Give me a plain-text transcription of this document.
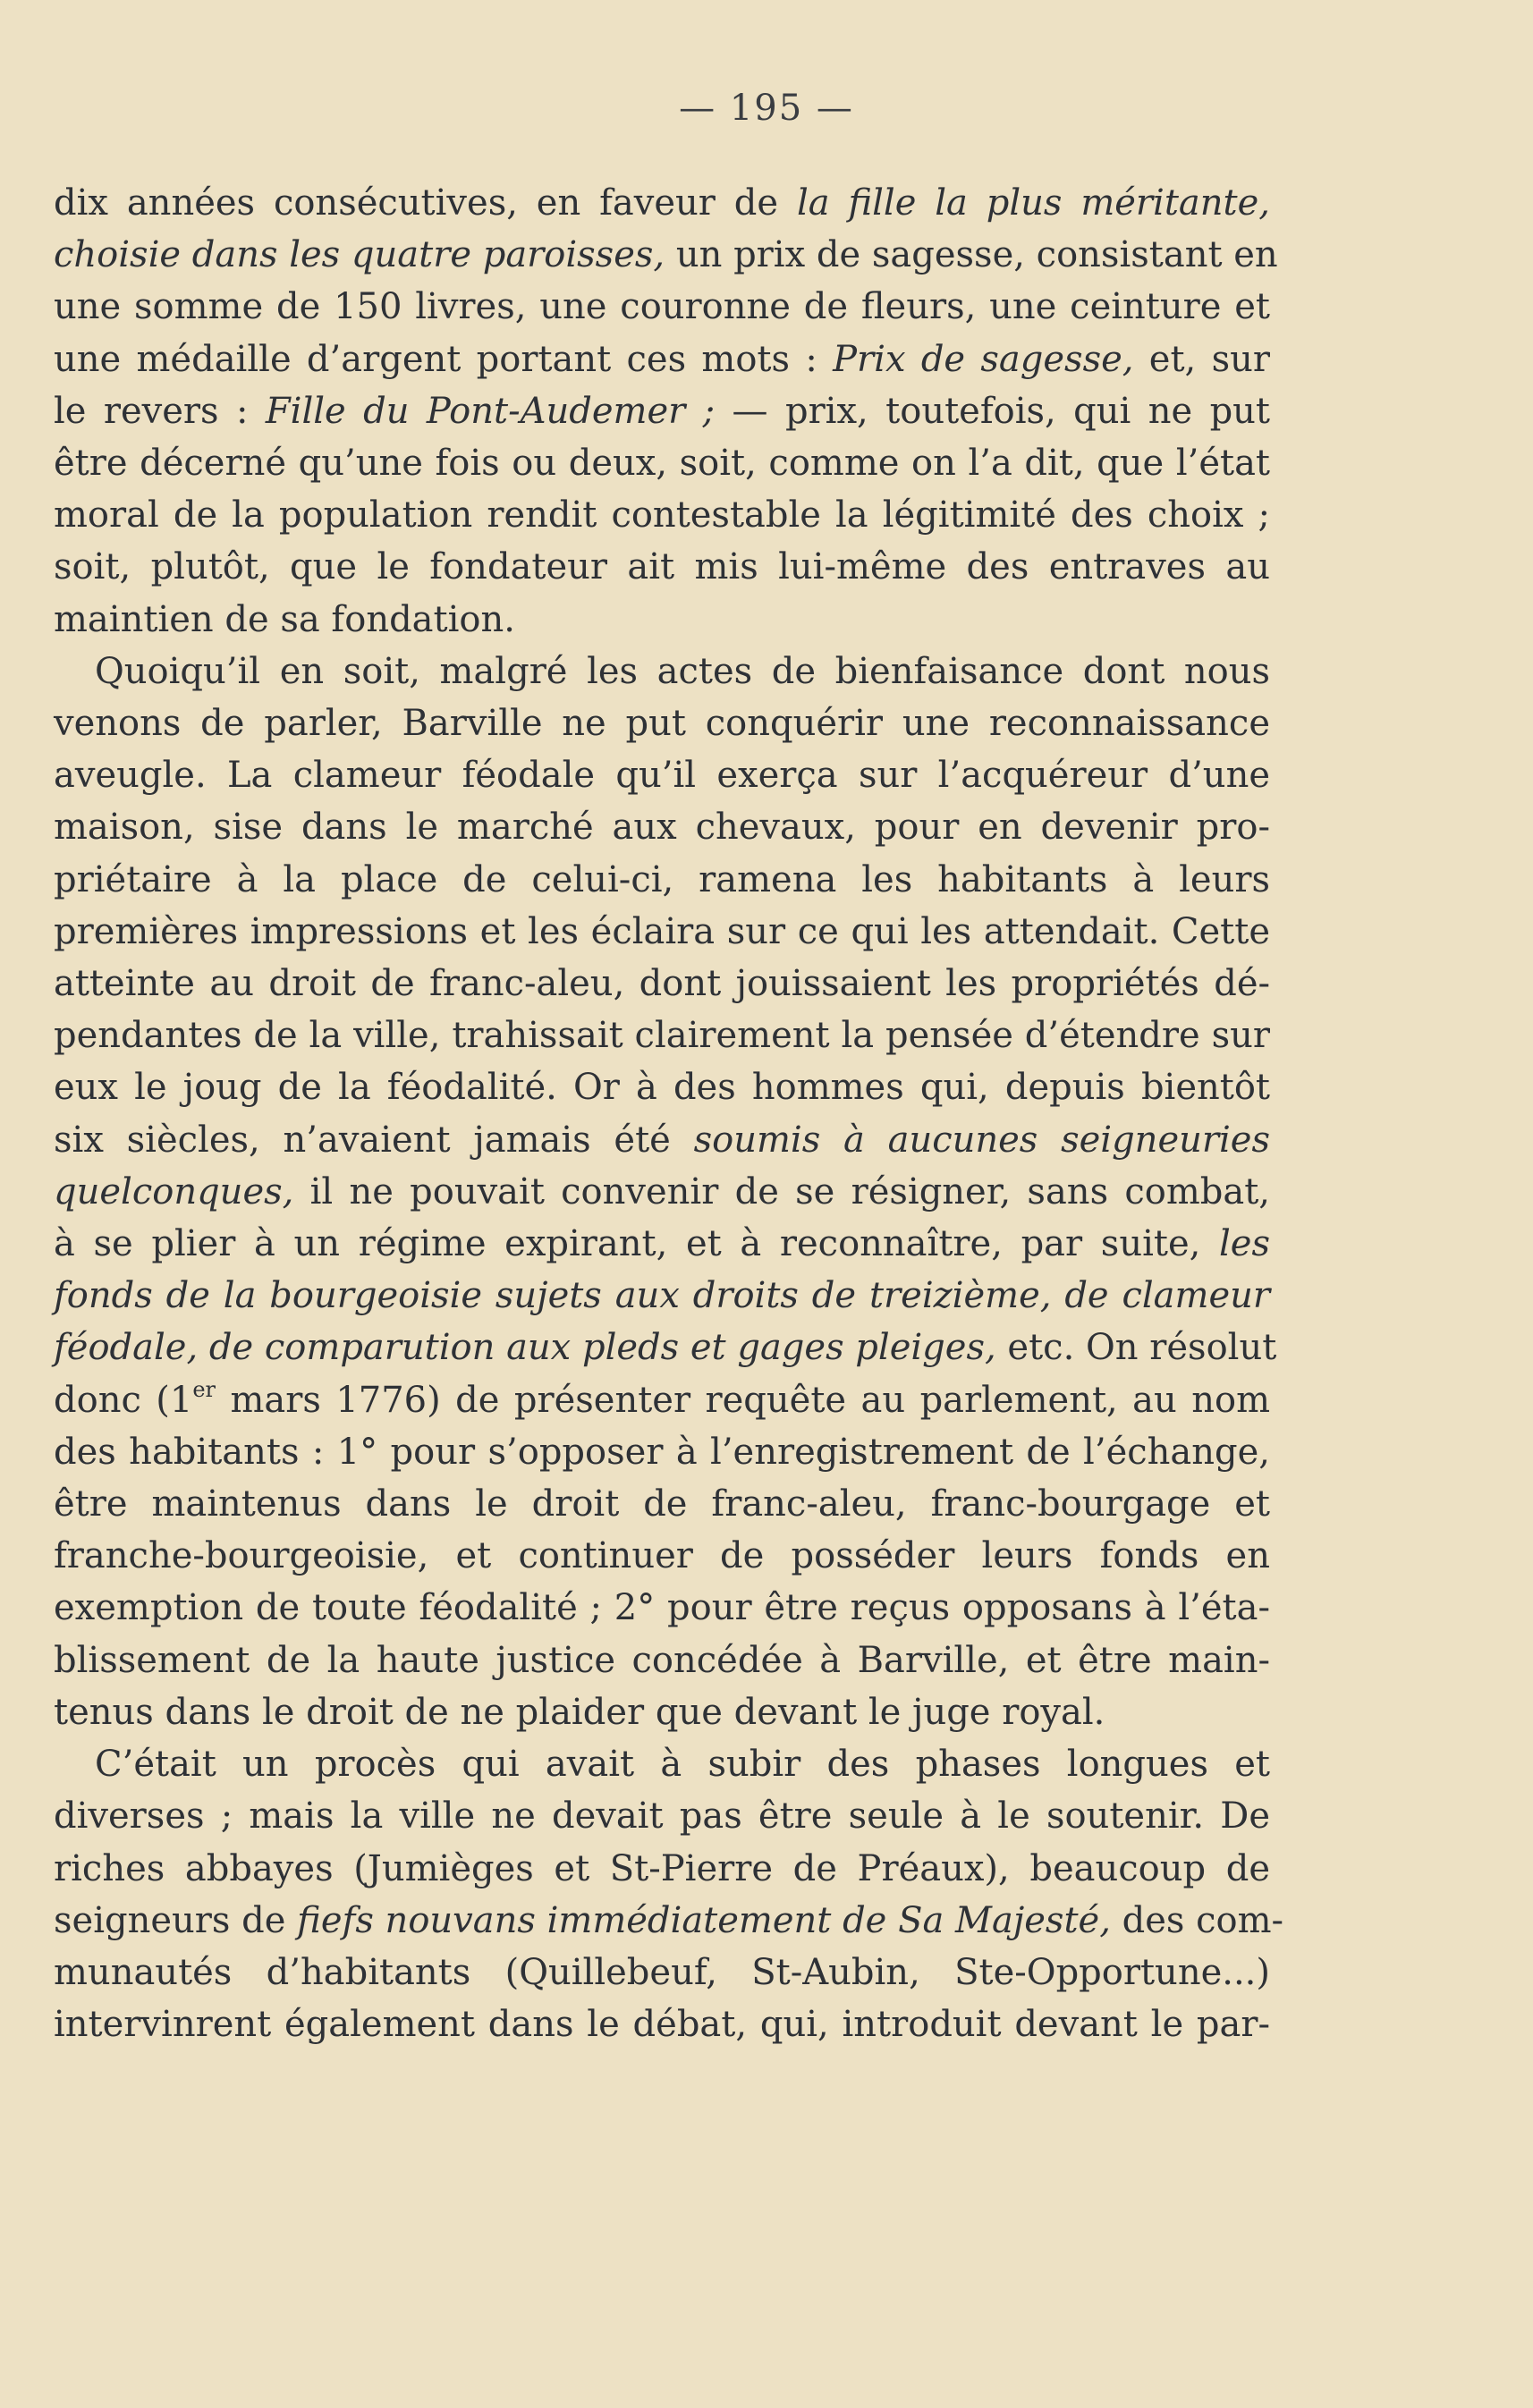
— 195 —
dix années consécutives, en faveur de la fille la plus méritante,
choisie dans les quatre paroisses, un prix de sagesse, consistant en
une somme de 150 livres, une couronne de fleurs, une ceinture et
une médaille d’argent portant ces mots : Prix de sagesse, et, sur
le revers : Fille du Pont-Audemer ; — prix, toutefois, qui ne put
être décerné qu’une fois ou deux, soit, comme on l’a dit, que l’état
moral de la population rendit contestable la légitimité des choix ;
soit, plutôt, que le fondateur ait mis lui-même des entraves au
maintien de sa fondation.
Quoiqu’il en soit, malgré les actes de bienfaisance dont nous
venons de parler, Barville ne put conquérir une reconnaissance
aveugle. La clameur féodale qu’il exerça sur l’acquéreur d’une
maison, sise dans le marché aux chevaux, pour en devenir pro-
priétaire à la place de celui-ci, ramena les habitants à leurs
premières impressions et les éclaira sur ce qui les attendait. Cette
atteinte au droit de franc-aleu, dont jouissaient les propriétés dé-
pendantes de la ville, trahissait clairement la pensée d’étendre sur
eux le joug de la féodalité. Or à des hommes qui, depuis bientôt
six siècles, n’avaient jamais été soumis à aucunes seigneuries
quelconques, il ne pouvait convenir de se résigner, sans combat,
à se plier à un régime expirant, et à reconnaître, par suite, les
fonds de la bourgeoisie sujets aux droits de treizième, de clameur
féodale, de comparution aux pleds et gages pleiges, etc. On résolut
donc (1er mars 1776) de présenter requête au parlement, au nom
des habitants : 1° pour s’opposer à l’enregistrement de l’échange,
être maintenus dans le droit de franc-aleu, franc-bourgage et
franche-bourgeoisie, et continuer de posséder leurs fonds en
exemption de toute féodalité ; 2° pour être reçus opposans à l’éta-
blissement de la haute justice concédée à Barville, et être main-
tenus dans le droit de ne plaider que devant le juge royal.
C’était un procès qui avait à subir des phases longues et
diverses ; mais la ville ne devait pas être seule à le soutenir. De
riches abbayes (Jumièges et St-Pierre de Préaux), beaucoup de
seigneurs de fiefs nouvans immédiatement de Sa Majesté, des com-
munautés d’habitants (Quillebeuf, St-Aubin, Ste-Opportune...)
intervinrent également dans le débat, qui, introduit devant le par-
